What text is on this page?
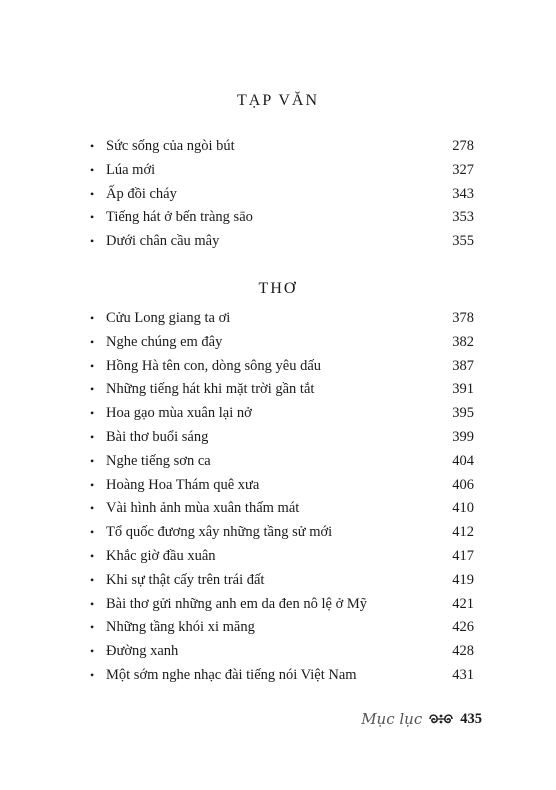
TẠP VĂN
• Sức sống của ngòi bút	278
• Lúa mới	327
• Ấp đồi cháy	343
• Tiếng hát ở bến tràng sāo	353
• Dưới chân cầu mây	355
THƠ
• Cửu Long giang ta ơi	378
• Nghe chúng em đây	382
• Hồng Hà tên con, dòng sông yêu dấu	387
• Những tiếng hát khi mặt trời gần tắt	391
• Hoa gạo mùa xuân lại nở	395
• Bài thơ buổi sáng	399
• Nghe tiếng sơn ca	404
• Hoàng Hoa Thám quê xưa	406
• Vài hình ảnh mùa xuân thấm mát	410
• Tổ quốc đương xây những tầng sử mới	412
• Khắc giờ đầu xuân	417
• Khi sự thật cấy trên trái đất	419
• Bài thơ gửi những anh em da đen nô lệ ở Mỹ	421
• Những tầng khói xi măng	426
• Đường xanh	428
• Một sớm nghe nhạc đài tiếng nói Việt Nam	431
Mục lục	435
